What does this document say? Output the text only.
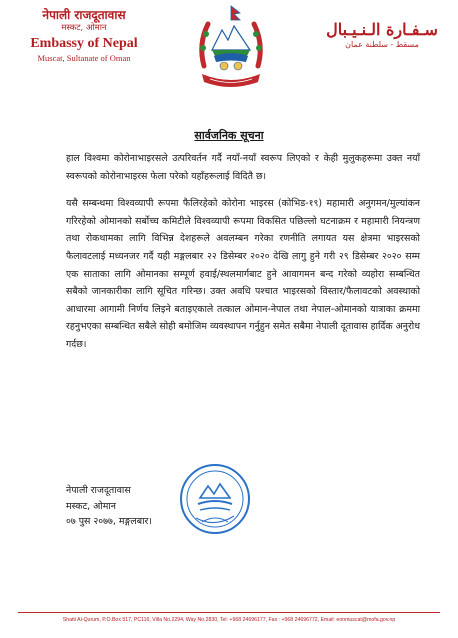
नेपाली राजदूतावास
मस्कट, ओमान
Embassy of Nepal
Muscat, Sultanate of Oman
سـفـارة الـنـيـبال
مسقط - سلطنة عمان
सार्वजनिक सूचना

हाल विश्वमा कोरोनाभाइरसले उत्परिवर्तन गर्दै नयाँ-नयाँ स्वरूप लिएको र केही मुलुकहरूमा उक्त नयाँ स्वरूपको कोरोनाभाइरस फेला परेको यहाँहरूलाई विदितै छ।

यसै सम्बन्धमा विश्वव्यापी रूपमा फैलिरहेको कोरोना भाइरस (कोभिड-१९) महामारी अनुगमन/मुल्यांकन गरिरहेको ओमानको सर्बोच्च कमिटीले विश्वव्यापी रूपमा विकसित पछिल्लो घटनाक्रम र महामारी नियन्त्रण तथा रोकथामका लागि विभिन्न देशहरूले अवलम्बन गरेका रणनीति लगायत यस क्षेत्रमा भाइरसको फैलावटलाई मध्यनजर गर्दै यही मङ्गलबार २२ डिसेम्बर २०२० देखि लागु हुने गरी २९ डिसेम्बर २०२० सम्म एक साताका लागि ओमानका सम्पूर्ण हवाई/स्थलमार्गबाट हुने आवागमन बन्द गरेको व्यहोरा सम्बन्धित सबैको जानकारीका लागि सूचित गरिन्छ। उक्त अवधि पश्चात भाइरसको विस्तार/फैलावटको अवस्थाको आधारमा आगामी निर्णय लिइने बताइएकाले तत्काल ओमान-नेपाल तथा नेपाल-ओमानको यात्राका क्रममा रहनुभएका सम्बन्धित सबैले सोही बमोजिम व्यवस्थापन गर्नुहुन समेत सबैमा नेपाली दूतावास हार्दिक अनुरोध गर्दछ।

नेपाली राजदूतावास
मस्कट, ओमान
०७ पुस २०७७, मङ्गलबार।
Shatti Al-Qurum, P.O.Box 517, PC116, Villa No.2294, Way No.2830, Tel: +968 24696177, Fax : +968 24696772, Email: eonmuscat@mofa.gov.np
